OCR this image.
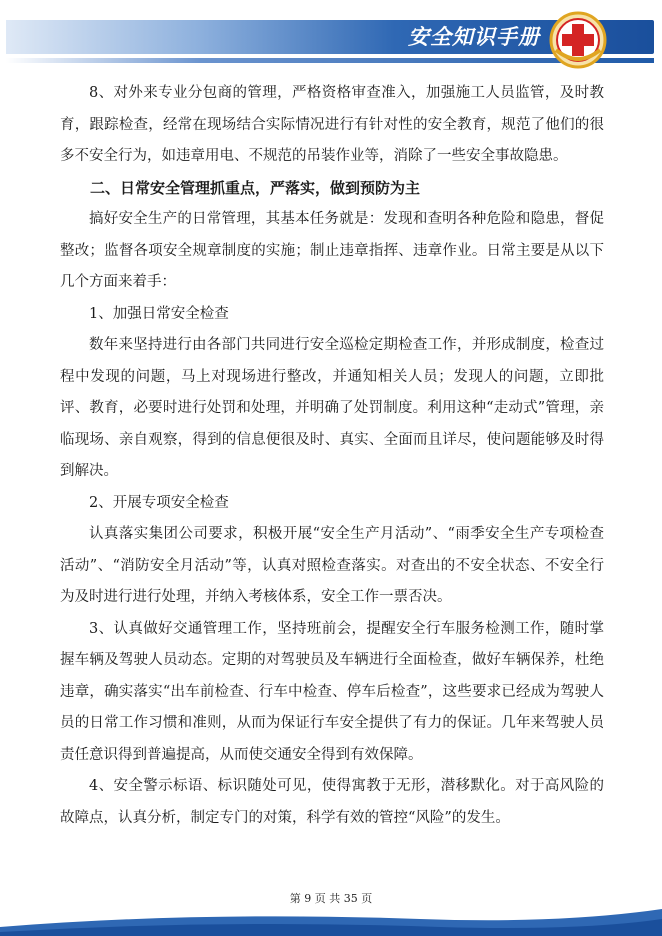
安全知识手册

8、对外来专业分包商的管理，严格资格审查准入，加强施工人员监管，及时教育，跟踪检查，经常在现场结合实际情况进行有针对性的安全教育，规范了他们的很多不安全行为，如违章用电、不规范的吊装作业等，消除了一些安全事故隐患。

二、日常安全管理抓重点，严落实，做到预防为主

搞好安全生产的日常管理，其基本任务就是：发现和查明各种危险和隐患，督促整改；监督各项安全规章制度的实施；制止违章指挥、违章作业。日常主要是从以下几个方面来着手：

1、加强日常安全检查

数年来坚持进行由各部门共同进行安全巡检定期检查工作，并形成制度，检查过程中发现的问题，马上对现场进行整改，并通知相关人员；发现人的问题，立即批评、教育，必要时进行处罚和处理，并明确了处罚制度。利用这种“走动式”管理，亲临现场、亲自观察，得到的信息便很及时、真实、全面而且详尽，使问题能够及时得到解决。

2、开展专项安全检查

认真落实集团公司要求，积极开展“安全生产月活动”、“雨季安全生产专项检查活动”、“消防安全月活动”等，认真对照检查落实。对查出的不安全状态、不安全行为及时进行进行处理，并纳入考核体系，安全工作一票否决。

3、认真做好交通管理工作，坚持班前会，提醒安全行车服务检测工作，随时掌握车辆及驾驶人员动态。定期的对驾驶员及车辆进行全面检查，做好车辆保养，杜绝违章，确实落实“出车前检查、行车中检查、停车后检查”，这些要求已经成为驾驶人员的日常工作习惯和准则，从而为保证行车安全提供了有力的保证。几年来驾驶人员责任意识得到普遍提高，从而使交通安全得到有效保障。

4、安全警示标语、标识随处可见，使得寓教于无形，潜移默化。对于高风险的故障点，认真分析，制定专门的对策，科学有效的管控“风险”的发生。

第 9 页 共 35 页
